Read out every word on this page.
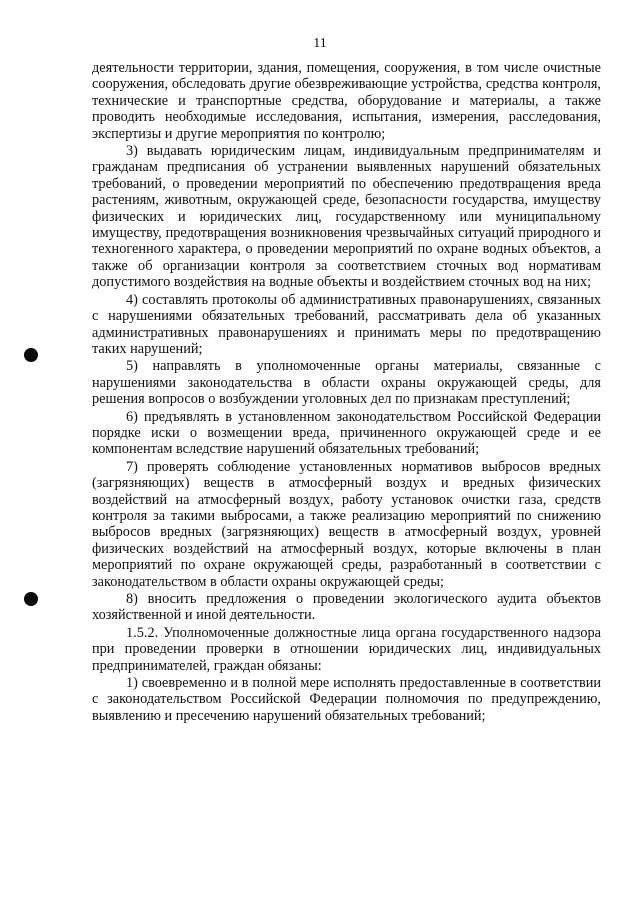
11

деятельности территории, здания, помещения, сооружения, в том числе очистные сооружения, обследовать другие обезвреживающие устройства, средства контроля, технические и транспортные средства, оборудование и материалы, а также проводить необходимые исследования, испытания, измерения, расследования, экспертизы и другие мероприятия по контролю;

3) выдавать юридическим лицам, индивидуальным предпринимателям и гражданам предписания об устранении выявленных нарушений обязательных требований, о проведении мероприятий по обеспечению предотвращения вреда растениям, животным, окружающей среде, безопасности государства, имуществу физических и юридических лиц, государственному или муниципальному имуществу, предотвращения возникновения чрезвычайных ситуаций природного и техногенного характера, о проведении мероприятий по охране водных объектов, а также об организации контроля за соответствием сточных вод нормативам допустимого воздействия на водные объекты и воздействием сточных вод на них;

4) составлять протоколы об административных правонарушениях, связанных с нарушениями обязательных требований, рассматривать дела об указанных административных правонарушениях и принимать меры по предотвращению таких нарушений;

5) направлять в уполномоченные органы материалы, связанные с нарушениями законодательства в области охраны окружающей среды, для решения вопросов о возбуждении уголовных дел по признакам преступлений;

6) предъявлять в установленном законодательством Российской Федерации порядке иски о возмещении вреда, причиненного окружающей среде и ее компонентам вследствие нарушений обязательных требований;

7) проверять соблюдение установленных нормативов выбросов вредных (загрязняющих) веществ в атмосферный воздух и вредных физических воздействий на атмосферный воздух, работу установок очистки газа, средств контроля за такими выбросами, а также реализацию мероприятий по снижению выбросов вредных (загрязняющих) веществ в атмосферный воздух, уровней физических воздействий на атмосферный воздух, которые включены в план мероприятий по охране окружающей среды, разработанный в соответствии с законодательством в области охраны окружающей среды;

8) вносить предложения о проведении экологического аудита объектов хозяйственной и иной деятельности.

1.5.2. Уполномоченные должностные лица органа государственного надзора при проведении проверки в отношении юридических лиц, индивидуальных предпринимателей, граждан обязаны:

1) своевременно и в полной мере исполнять предоставленные в соответствии с законодательством Российской Федерации полномочия по предупреждению, выявлению и пресечению нарушений обязательных требований;
